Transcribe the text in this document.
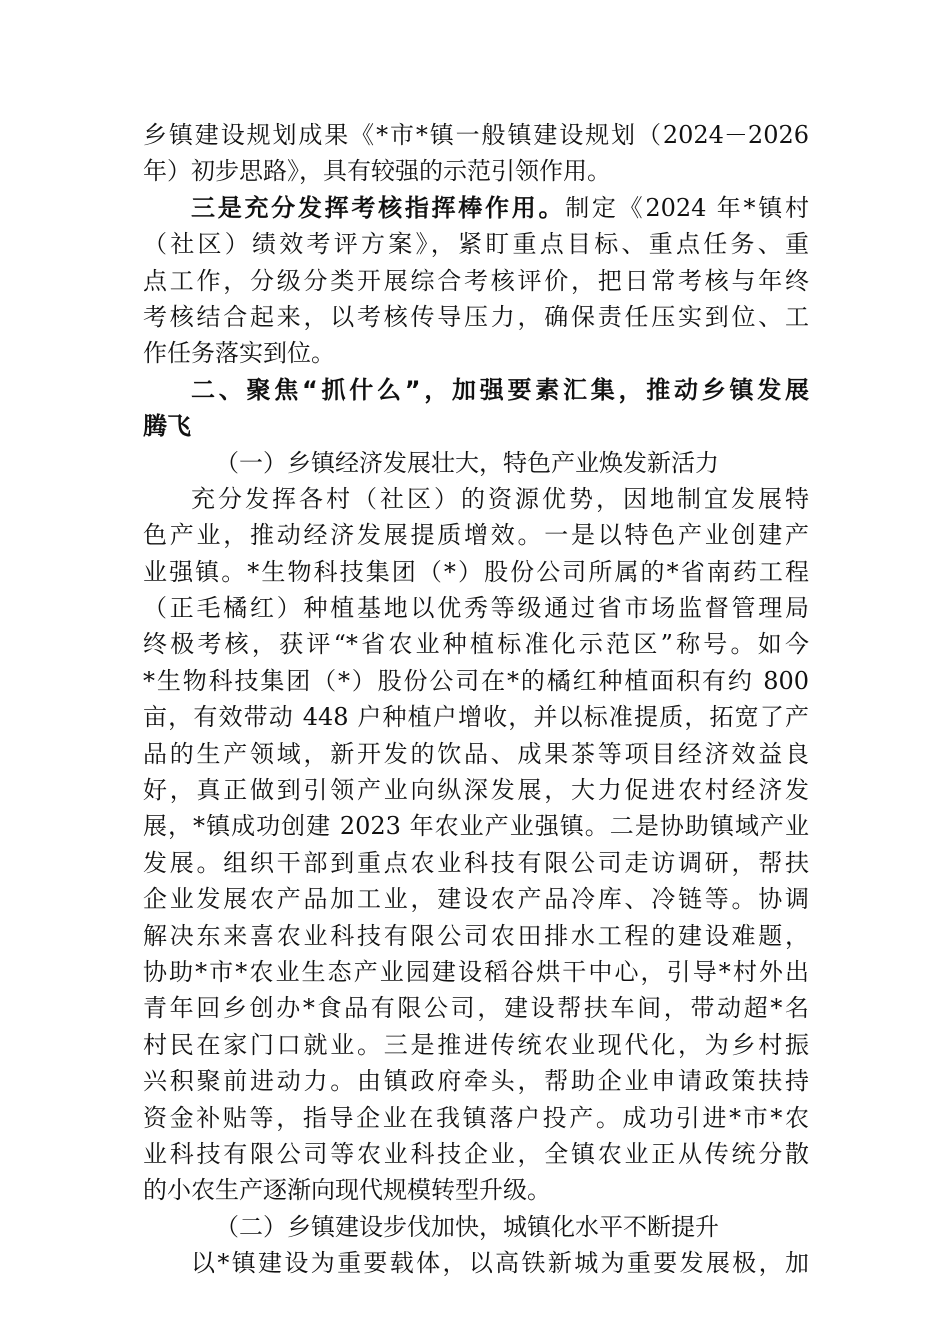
乡镇建设规划成果《*市*镇一般镇建设规划（2024－2026
年）初步思路》，具有较强的示范引领作用。
三是充分发挥考核指挥棒作用。制定《2024 年*镇村
（社区）绩效考评方案》，紧盯重点目标、重点任务、重
点工作，分级分类开展综合考核评价，把日常考核与年终
考核结合起来，以考核传导压力，确保责任压实到位、工
作任务落实到位。
二、聚焦“抓什么”，加强要素汇集，推动乡镇发展
腾飞
（一）乡镇经济发展壮大，特色产业焕发新活力
充分发挥各村（社区）的资源优势，因地制宜发展特
色产业，推动经济发展提质增效。一是以特色产业创建产
业强镇。*生物科技集团（*）股份公司所属的*省南药工程
（正毛橘红）种植基地以优秀等级通过省市场监督管理局
终极考核，获评“*省农业种植标准化示范区”称号。如今
*生物科技集团（*）股份公司在*的橘红种植面积有约 800
亩，有效带动 448 户种植户增收，并以标准提质，拓宽了产
品的生产领域，新开发的饮品、成果茶等项目经济效益良
好，真正做到引领产业向纵深发展，大力促进农村经济发
展，*镇成功创建 2023 年农业产业强镇。二是协助镇域产业
发展。组织干部到重点农业科技有限公司走访调研，帮扶
企业发展农产品加工业，建设农产品冷库、冷链等。协调
解决东来喜农业科技有限公司农田排水工程的建设难题，
协助*市*农业生态产业园建设稻谷烘干中心，引导*村外出
青年回乡创办*食品有限公司，建设帮扶车间，带动超*名
村民在家门口就业。三是推进传统农业现代化，为乡村振
兴积聚前进动力。由镇政府牵头，帮助企业申请政策扶持
资金补贴等，指导企业在我镇落户投产。成功引进*市*农
业科技有限公司等农业科技企业，全镇农业正从传统分散
的小农生产逐渐向现代规模转型升级。
（二）乡镇建设步伐加快，城镇化水平不断提升
以*镇建设为重要载体，以高铁新城为重要发展极，加
